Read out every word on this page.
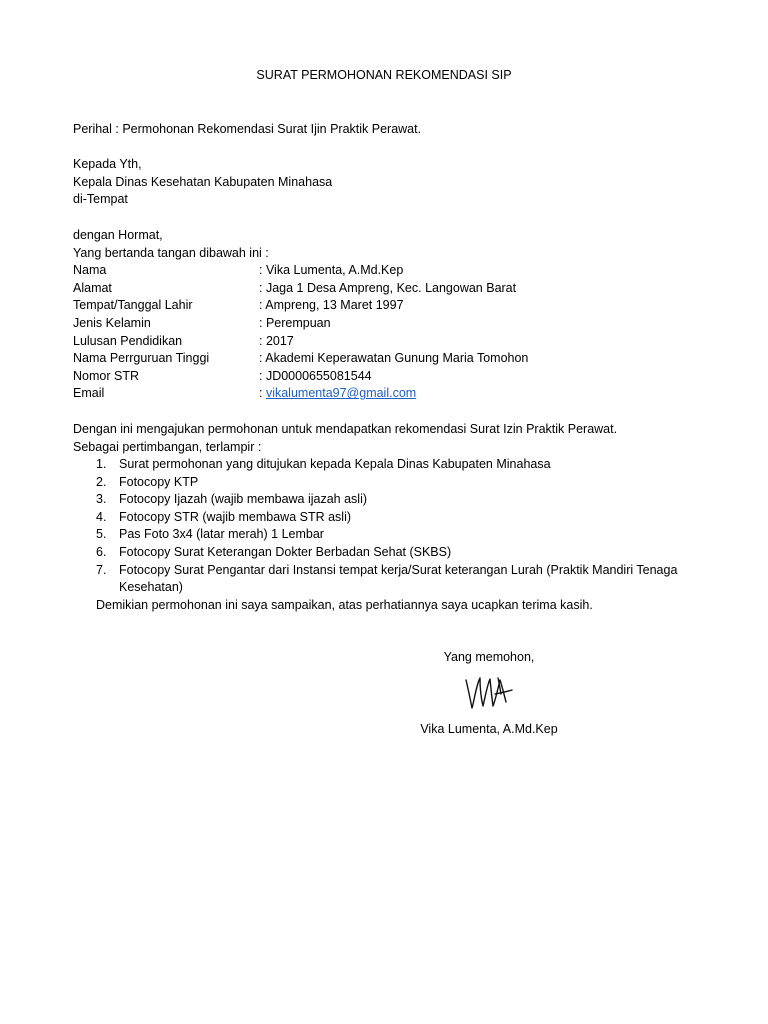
SURAT PERMOHONAN REKOMENDASI SIP
Perihal : Permohonan Rekomendasi Surat Ijin Praktik Perawat.
Kepada Yth,
Kepala Dinas Kesehatan Kabupaten Minahasa
di-Tempat
dengan Hormat,
Yang bertanda tangan dibawah ini :
Nama	: Vika Lumenta, A.Md.Kep
Alamat	: Jaga 1 Desa Ampreng, Kec. Langowan Barat
Tempat/Tanggal Lahir	: Ampreng, 13 Maret 1997
Jenis Kelamin	: Perempuan
Lulusan Pendidikan	: 2017
Nama Perrguruan Tinggi	: Akademi Keperawatan Gunung Maria Tomohon
Nomor STR	: JD0000655081544
Email	: vikalumenta97@gmail.com
Dengan ini mengajukan permohonan untuk mendapatkan rekomendasi Surat Izin Praktik Perawat.
Sebagai pertimbangan, terlampir :
1. Surat permohonan yang ditujukan kepada Kepala Dinas Kabupaten Minahasa
2. Fotocopy KTP
3. Fotocopy Ijazah (wajib membawa ijazah asli)
4. Fotocopy STR (wajib membawa STR asli)
5. Pas Foto 3x4 (latar merah) 1 Lembar
6. Fotocopy Surat Keterangan Dokter Berbadan Sehat (SKBS)
7. Fotocopy Surat Pengantar dari Instansi tempat kerja/Surat keterangan Lurah (Praktik Mandiri Tenaga Kesehatan)
Demikian permohonan ini saya sampaikan, atas perhatiannya saya ucapkan terima kasih.
Yang memohon,
Vika Lumenta, A.Md.Kep
